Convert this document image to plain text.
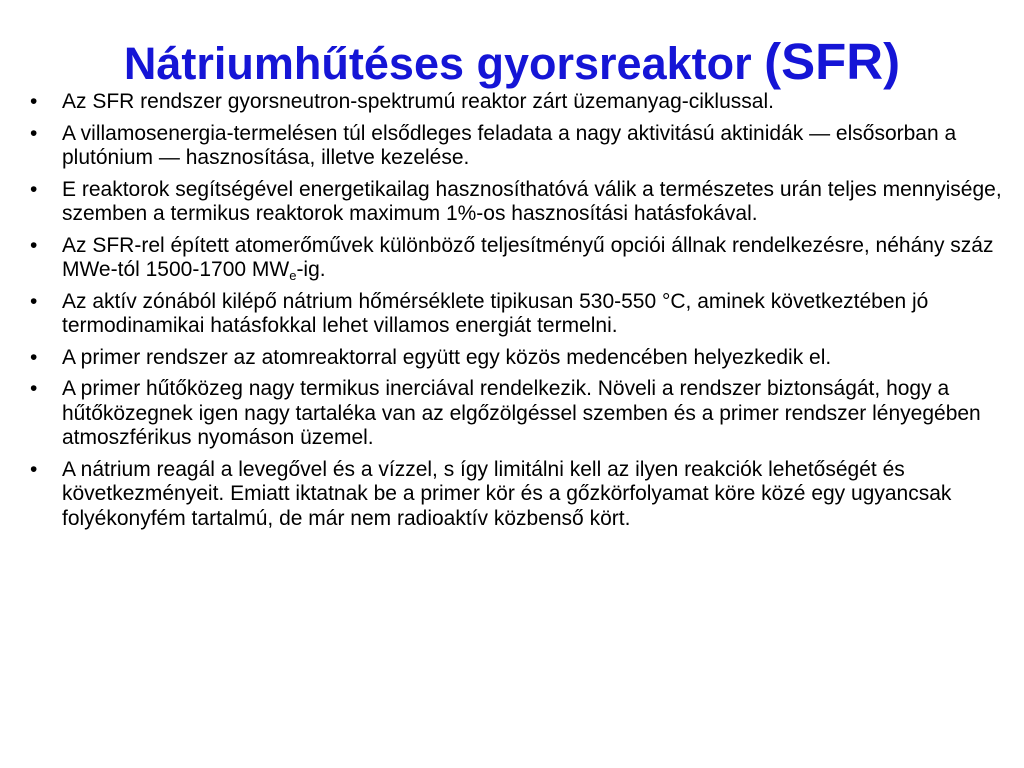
Nátriumhűtéses gyorsreaktor (SFR)
•	Az SFR rendszer gyorsneutron-spektrumú reaktor zárt üzemanyag-ciklussal.
•	A villamosenergia-termelésen túl elsődleges feladata a nagy aktivitású aktinidák — elsősorban a plutónium — hasznosítása, illetve kezelése.
•	E reaktorok segítségével energetikailag hasznosíthatóvá válik a természetes urán teljes mennyisége, szemben a termikus reaktorok maximum 1%-os hasznosítási hatásfokával.
•	Az SFR-rel épített atomerőművek különböző teljesítményű opciói állnak rendelkezésre, néhány száz MWe-tól 1500-1700 $MW_e-ig$.
•	Az aktív zónából kilépő nátrium hőmérséklete tipikusan 530-550 °C, aminek következtében jó termodinamikai hatásfokkal lehet villamos energiát termelni.
•	A primer rendszer az atomreaktorral együtt egy közös medencében helyezkedik el.
•	A primer hűtőközeg nagy termikus inerciával rendelkezik. Növeli a rendszer biztonságát, hogy a hűtőközegnek igen nagy tartaléka van az elgőzölgéssel szemben és a primer rendszer lényegében atmoszférikus nyomáson üzemel.
•	A nátrium reagál a levegővel és a vízzel, s így limitálni kell az ilyen reakciók lehetőségét és következményeit. Emiatt iktatnak be a primer kör és a gőzkörfolyamat köre közé egy ugyancsak folyékonyfém tartalmú, de már nem radioaktív közbenső kört.
